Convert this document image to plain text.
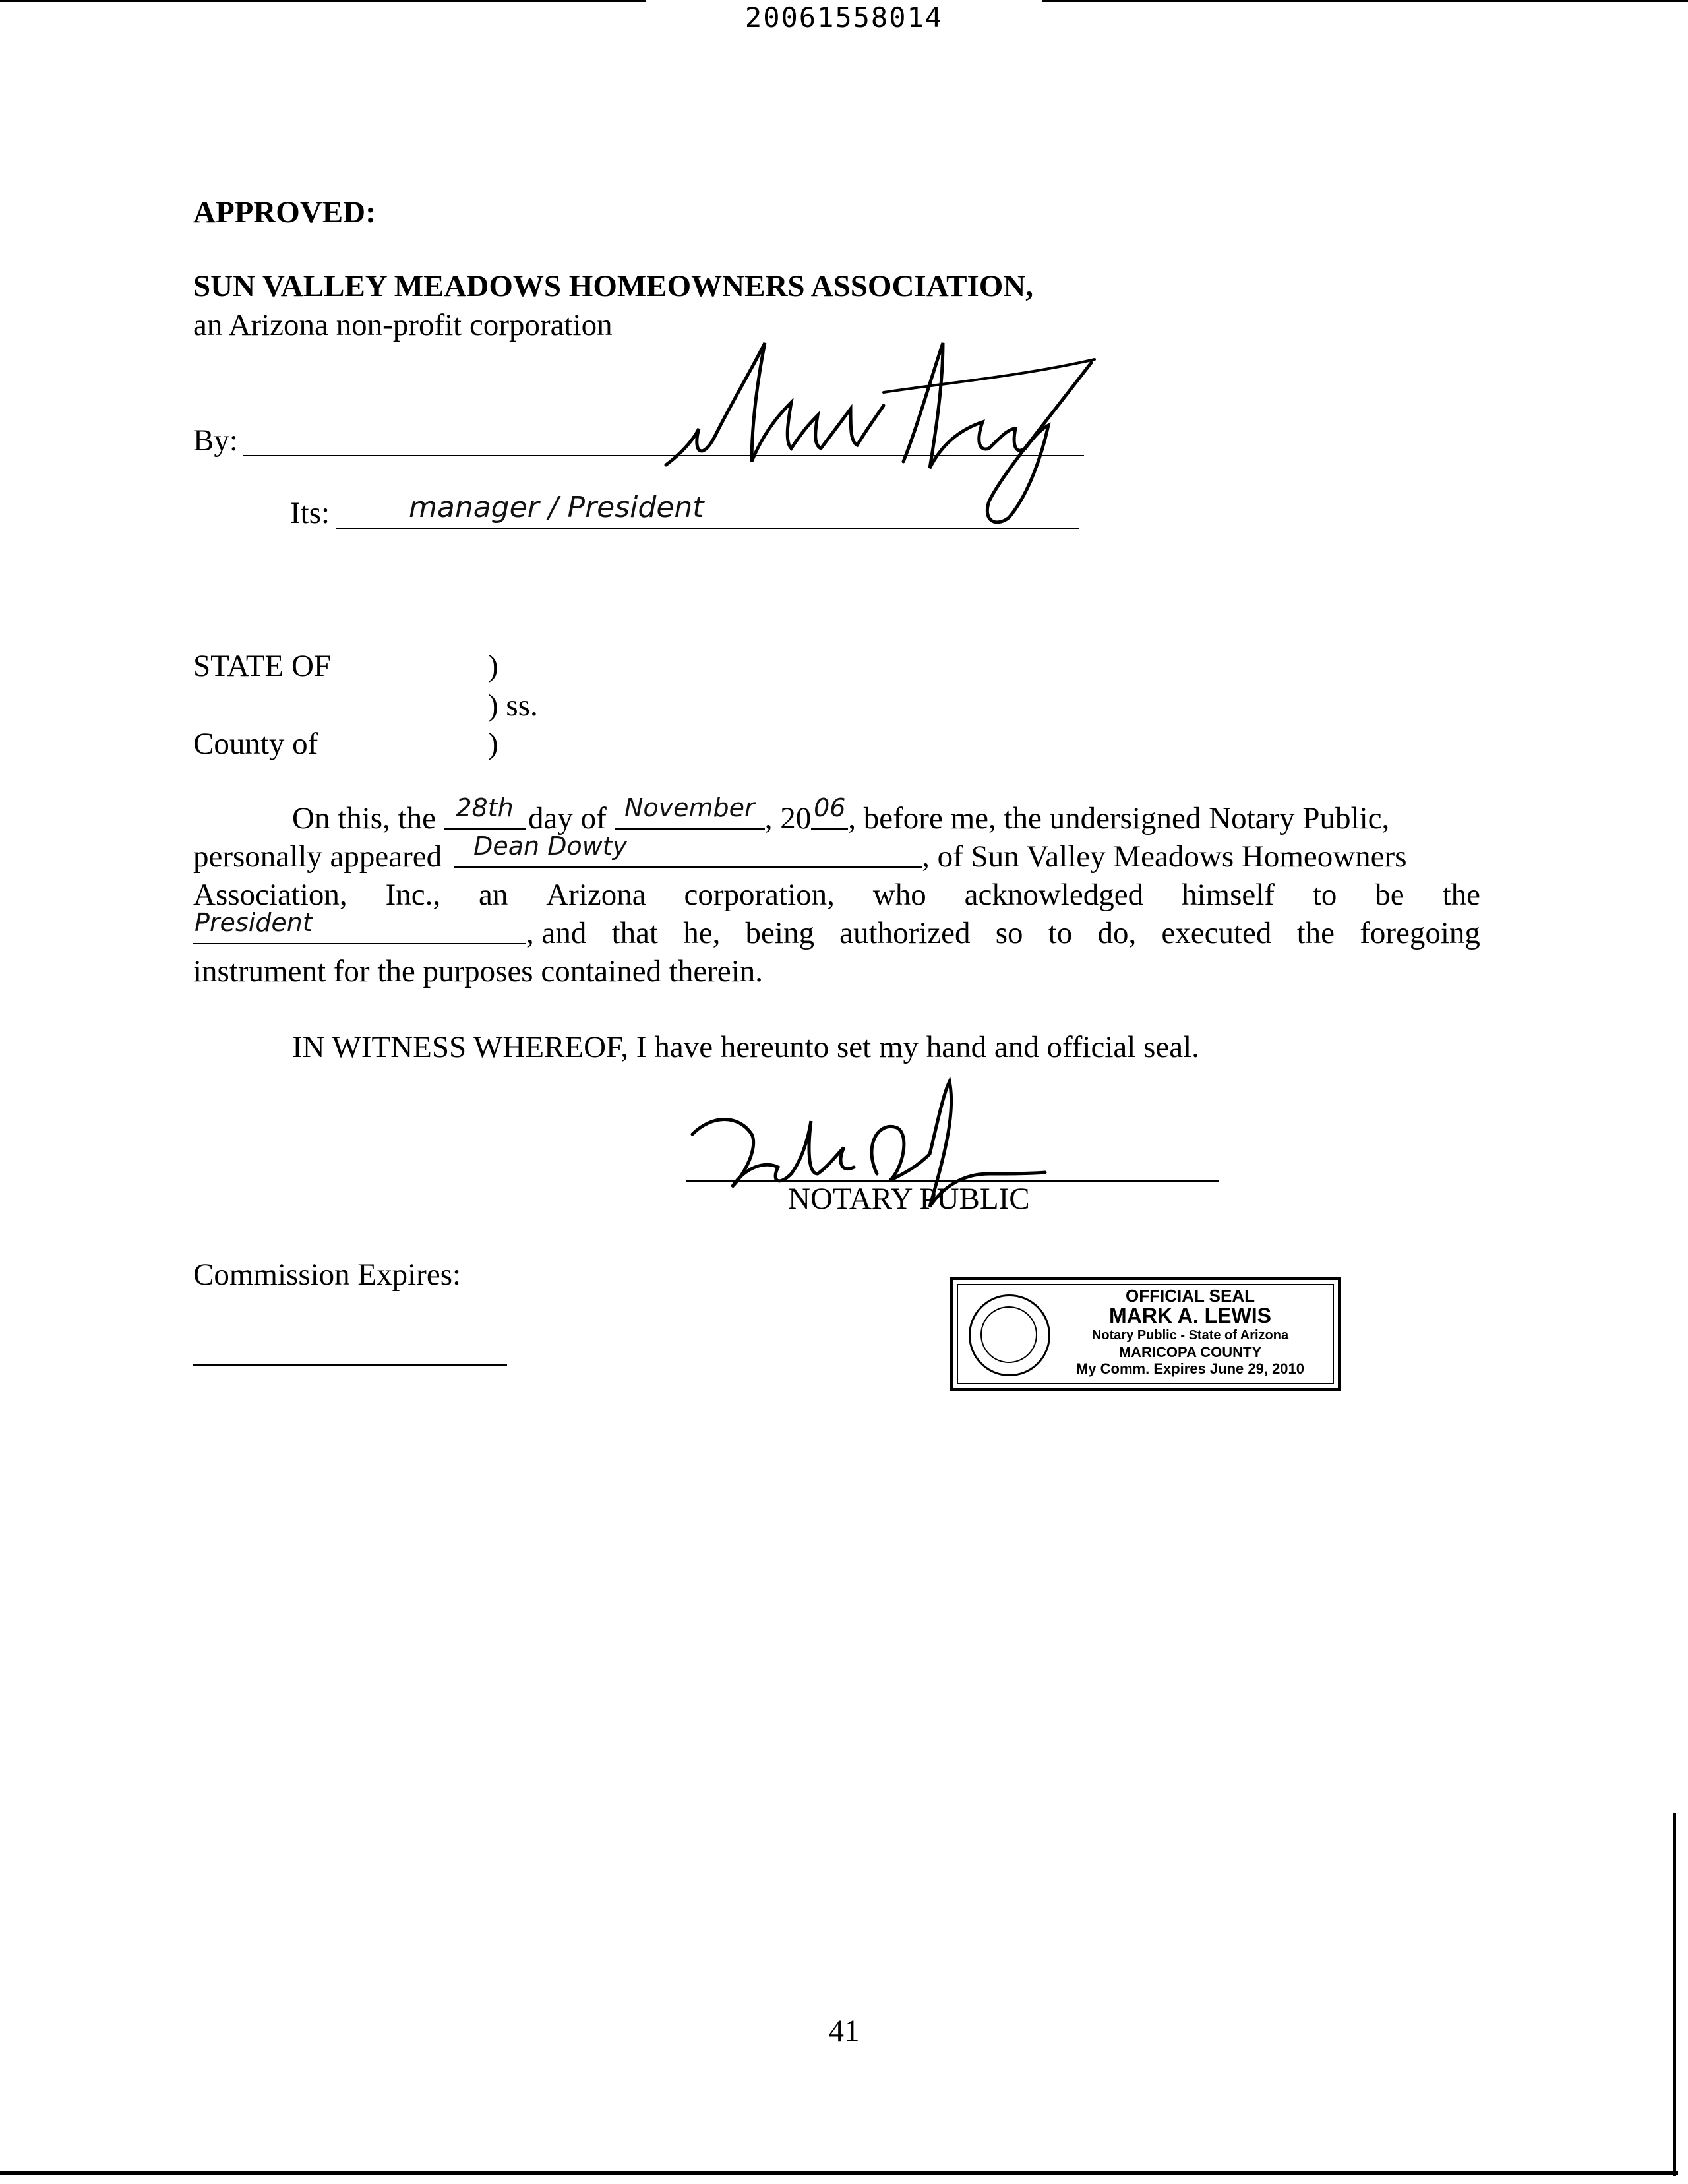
20061558014
APPROVED:
SUN VALLEY MEADOWS HOMEOWNERS ASSOCIATION,
an Arizona non-profit corporation
By:
Its:	manager / President
STATE OF	)
) ss.
County of	)
On this, the 28th day of November , 20 06 , before me, the undersigned Notary Public,
personally appeared Dean Dowty	, of Sun Valley Meadows Homeowners
Association, Inc., an Arizona corporation, who acknowledged himself to be the
President	, and that he, being authorized so to do, executed the foregoing
instrument for the purposes contained therein.
IN WITNESS WHEREOF, I have hereunto set my hand and official seal.
NOTARY PUBLIC
Commission Expires:
OFFICIAL SEAL
MARK A. LEWIS
Notary Public - State of Arizona
MARICOPA COUNTY
My Comm. Expires June 29, 2010
41
